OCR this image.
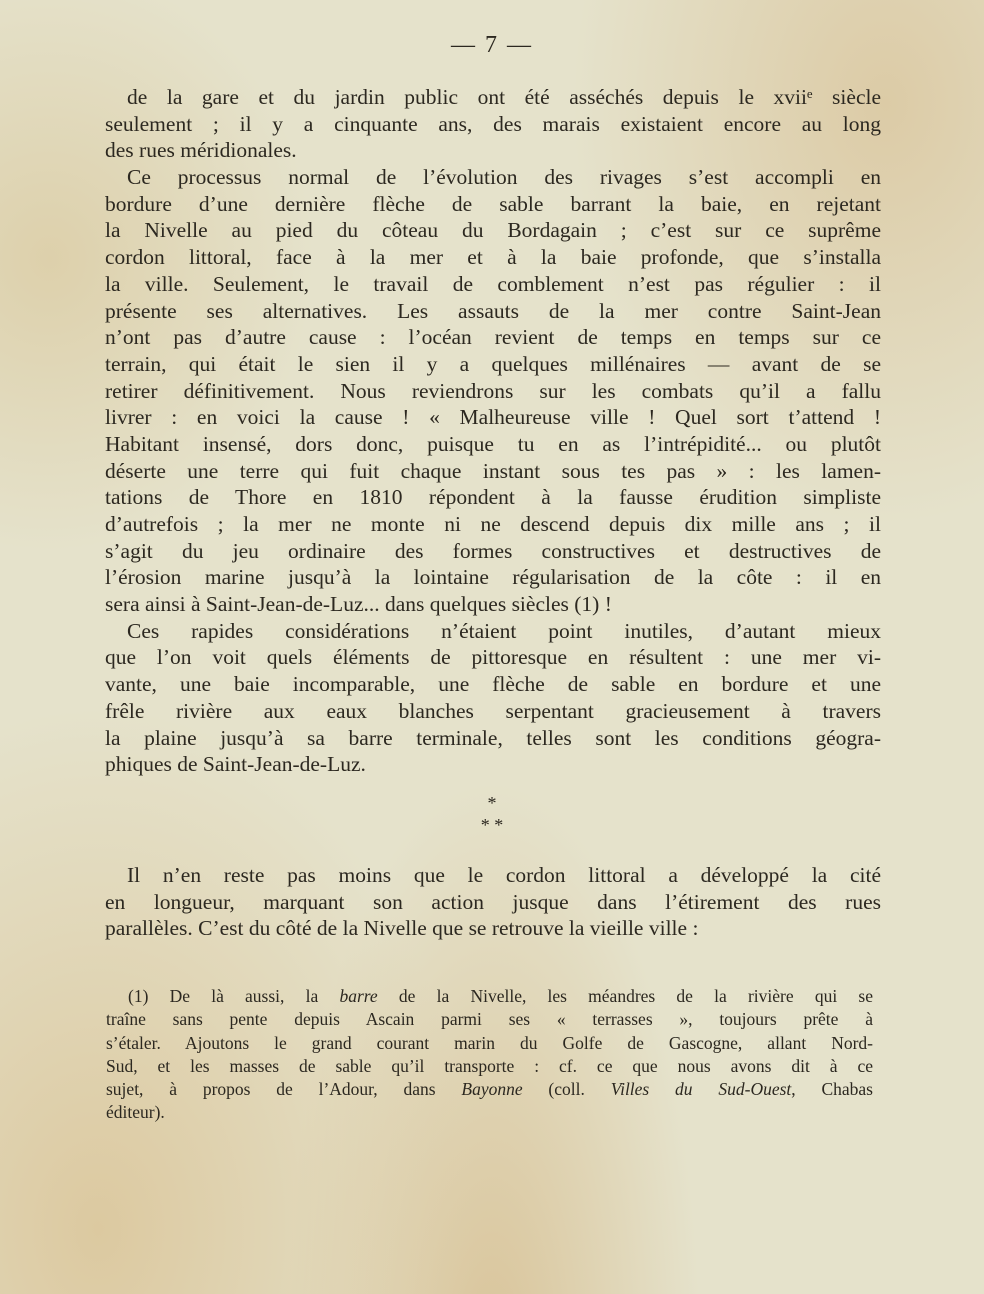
— 7 —
de la gare et du jardin public ont été asséchés depuis le xviiᵉ siècle
seulement ; il y a cinquante ans, des marais existaient encore au long
des rues méridionales.
Ce processus normal de l’évolution des rivages s’est accompli en
bordure d’une dernière flèche de sable barrant la baie, en rejetant
la Nivelle au pied du côteau du Bordagain ; c’est sur ce suprême
cordon littoral, face à la mer et à la baie profonde, que s’installa
la ville. Seulement, le travail de comblement n’est pas régulier : il
présente ses alternatives. Les assauts de la mer contre Saint-Jean
n’ont pas d’autre cause : l’océan revient de temps en temps sur ce
terrain, qui était le sien il y a quelques millénaires — avant de se
retirer définitivement. Nous reviendrons sur les combats qu’il a fallu
livrer : en voici la cause ! « Malheureuse ville ! Quel sort t’attend !
Habitant insensé, dors donc, puisque tu en as l’intrépidité... ou plutôt
déserte une terre qui fuit chaque instant sous tes pas » : les lamen-
tations de Thore en 1810 répondent à la fausse érudition simpliste
d’autrefois ; la mer ne monte ni ne descend depuis dix mille ans ; il
s’agit du jeu ordinaire des formes constructives et destructives de
l’érosion marine jusqu’à la lointaine régularisation de la côte : il en
sera ainsi à Saint-Jean-de-Luz... dans quelques siècles (1) !
Ces rapides considérations n’étaient point inutiles, d’autant mieux
que l’on voit quels éléments de pittoresque en résultent : une mer vi-
vante, une baie incomparable, une flèche de sable en bordure et une
frêle rivière aux eaux blanches serpentant gracieusement à travers
la plaine jusqu’à sa barre terminale, telles sont les conditions géogra-
phiques de Saint-Jean-de-Luz.
*
* *
Il n’en reste pas moins que le cordon littoral a développé la cité
en longueur, marquant son action jusque dans l’étirement des rues
parallèles. C’est du côté de la Nivelle que se retrouve la vieille ville :
(1) De là aussi, la barre de la Nivelle, les méandres de la rivière qui se
traîne sans pente depuis Ascain parmi ses « terrasses », toujours prête à
s’étaler. Ajoutons le grand courant marin du Golfe de Gascogne, allant Nord-
Sud, et les masses de sable qu’il transporte : cf. ce que nous avons dit à ce
sujet, à propos de l’Adour, dans Bayonne (coll. Villes du Sud-Ouest, Chabas
éditeur).
